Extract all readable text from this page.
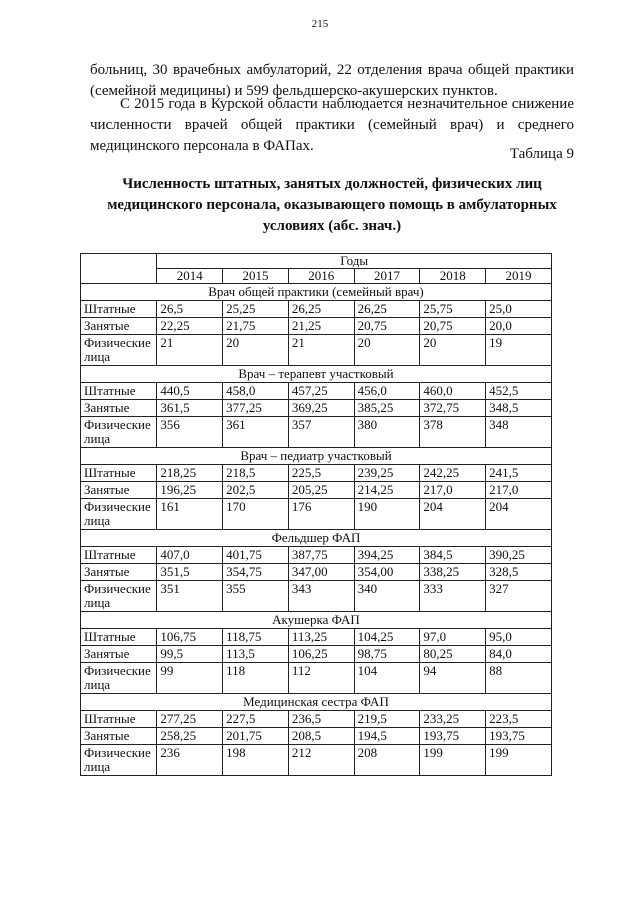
215

больниц, 30 врачебных амбулаторий, 22 отделения врача общей практики (семейной медицины) и 599 фельдшерско-акушерских пунктов.

С 2015 года в Курской области наблюдается незначительное снижение численности врачей общей практики (семейный врач) и среднего медицинского персонала в ФАПах.	Таблица 9
Численность штатных, занятых должностей, физических лиц медицинского персонала, оказывающего помощь в амбулаторных условиях (абс. знач.)
	Годы					
	2014	2015	2016	2017	2018	2019
Врач общей практики (семейный врач)						
Штатные	26,5	25,25	26,25	26,25	25,75	25,0
Занятые	22,25	21,75	21,25	20,75	20,75	20,0
Физические лица	21	20	21	20	20	19
Врач – терапевт участковый						
Штатные	440,5	458,0	457,25	456,0	460,0	452,5
Занятые	361,5	377,25	369,25	385,25	372,75	348,5
Физические лица	356	361	357	380	378	348
Врач – педиатр участковый						
Штатные	218,25	218,5	225,5	239,25	242,25	241,5
Занятые	196,25	202,5	205,25	214,25	217,0	217,0
Физические лица	161	170	176	190	204	204
Фельдшер ФАП						
Штатные	407,0	401,75	387,75	394,25	384,5	390,25
Занятые	351,5	354,75	347,00	354,00	338,25	328,5
Физические лица	351	355	343	340	333	327
Акушерка ФАП						
Штатные	106,75	118,75	113,25	104,25	97,0	95,0
Занятые	99,5	113,5	106,25	98,75	80,25	84,0
Физические лица	99	118	112	104	94	88
Медицинская сестра ФАП						
Штатные	277,25	227,5	236,5	219,5	233,25	223,5
Занятые	258,25	201,75	208,5	194,5	193,75	193,75
Физические лица	236	198	212	208	199	199
